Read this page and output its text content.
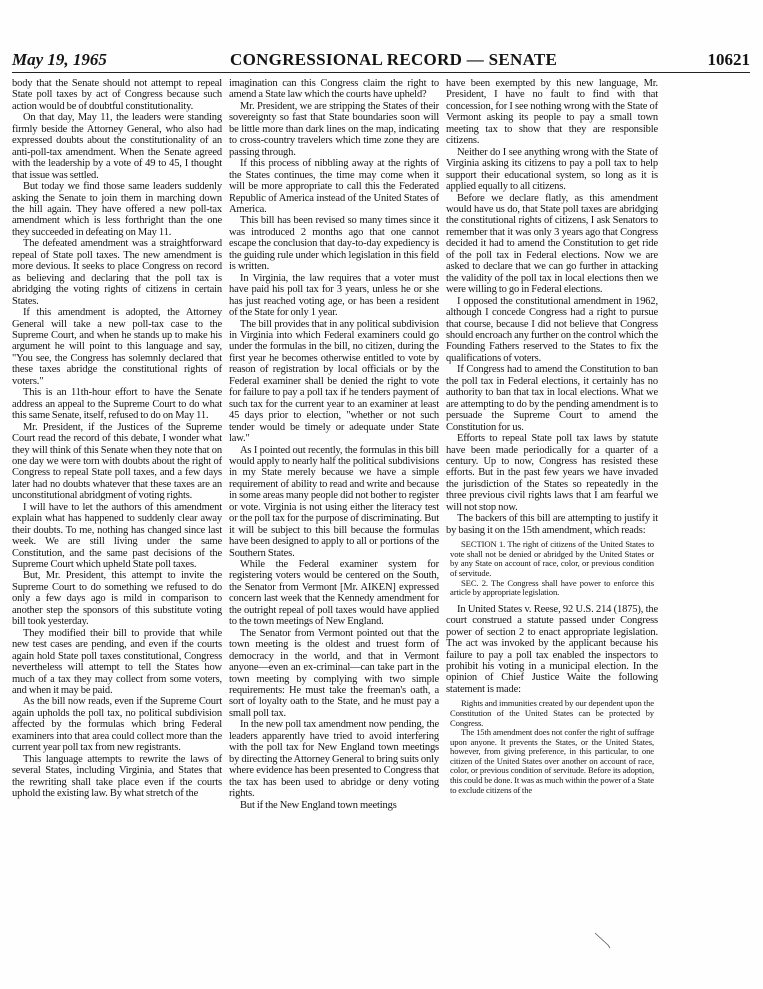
May 19, 1965	CONGRESSIONAL RECORD — SENATE	10621

body that the Senate should not attempt to repeal State poll taxes by act of Congress because such action would be of doubtful constitutionality.

On that day, May 11, the leaders were standing firmly beside the Attorney General, who also had expressed doubts about the constitutionality of an anti-poll-tax amendment. When the Senate agreed with the leadership by a vote of 49 to 45, I thought that issue was settled.

But today we find those same leaders suddenly asking the Senate to join them in marching down the hill again. They have offered a new poll-tax amendment which is less forthright than the one they succeeded in defeating on May 11.

The defeated amendment was a straightforward repeal of State poll taxes. The new amendment is more devious. It seeks to place Congress on record as believing and declaring that the poll tax is abridging the voting rights of citizens in certain States.

If this amendment is adopted, the Attorney General will take a new poll-tax case to the Supreme Court, and when he stands up to make his argument he will point to this language and say, "You see, the Congress has solemnly declared that these taxes abridge the constitutional rights of voters."

This is an 11th-hour effort to have the Senate address an appeal to the Supreme Court to do what this same Senate, itself, refused to do on May 11.

Mr. President, if the Justices of the Supreme Court read the record of this debate, I wonder what they will think of this Senate when they note that on one day we were torn with doubts about the right of Congress to repeal State poll taxes, and a few days later had no doubts whatever that these taxes are an unconstitutional abridgment of voting rights.

I will have to let the authors of this amendment explain what has happened to suddenly clear away their doubts. To me, nothing has changed since last week. We are still living under the same Constitution, and the same past decisions of the Supreme Court which upheld State poll taxes.

But, Mr. President, this attempt to invite the Supreme Court to do something we refused to do only a few days ago is mild in comparison to another step the sponsors of this substitute voting bill took yesterday.

They modified their bill to provide that while new test cases are pending, and even if the courts again hold State poll taxes constitutional, Congress nevertheless will attempt to tell the States how much of a tax they may collect from some voters, and when it may be paid.

As the bill now reads, even if the Supreme Court again upholds the poll tax, no political subdivision affected by the formulas which bring Federal examiners into that area could collect more than the current year poll tax from new registrants.

This language attempts to rewrite the laws of several States, including Virginia, and States that the rewriting shall take place even if the courts uphold the existing law. By what stretch of the

imagination can this Congress claim the right to amend a State law which the courts have upheld?

Mr. President, we are stripping the States of their sovereignty so fast that State boundaries soon will be little more than dark lines on the map, indicating to cross-country travelers which time zone they are passing through.

If this process of nibbling away at the rights of the States continues, the time may come when it will be more appropriate to call this the Federated Republic of America instead of the United States of America.

This bill has been revised so many times since it was introduced 2 months ago that one cannot escape the conclusion that day-to-day expediency is the guiding rule under which legislation in this field is written.

In Virginia, the law requires that a voter must have paid his poll tax for 3 years, unless he or she has just reached voting age, or has been a resident of the State for only 1 year.

The bill provides that in any political subdivision in Virginia into which Federal examiners could go under the formulas in the bill, no citizen, during the first year he becomes otherwise entitled to vote by reason of registration by local officials or by the Federal examiner shall be denied the right to vote for failure to pay a poll tax if he tenders payment of such tax for the current year to an examiner at least 45 days prior to election, "whether or not such tender would be timely or adequate under State law."

As I pointed out recently, the formulas in this bill would apply to nearly half the political subdivisions in my State merely because we have a simple requirement of ability to read and write and because in some areas many people did not bother to register or vote. Virginia is not using either the literacy test or the poll tax for the purpose of discriminating. But it will be subject to this bill because the formulas have been designed to apply to all or portions of the Southern States.

While the Federal examiner system for registering voters would be centered on the South, the Senator from Vermont [Mr. AIKEN] expressed concern last week that the Kennedy amendment for the outright repeal of poll taxes would have applied to the town meetings of New England.

The Senator from Vermont pointed out that the town meeting is the oldest and truest form of democracy in the world, and that in Vermont anyone—even an ex-criminal—can take part in the town meeting by complying with two simple requirements: He must take the freeman's oath, a sort of loyalty oath to the State, and he must pay a small poll tax.

In the new poll tax amendment now pending, the leaders apparently have tried to avoid interfering with the poll tax for New England town meetings by directing the Attorney General to bring suits only where evidence has been presented to Congress that the tax has been used to abridge or deny voting rights.

But if the New England town meetings

have been exempted by this new language, Mr. President, I have no fault to find with that concession, for I see nothing wrong with the State of Vermont asking its people to pay a small town meeting tax to show that they are responsible citizens.

Neither do I see anything wrong with the State of Virginia asking its citizens to pay a poll tax to help support their educational system, so long as it is applied equally to all citizens.

Before we declare flatly, as this amendment would have us do, that State poll taxes are abridging the constitutional rights of citizens, I ask Senators to remember that it was only 3 years ago that Congress decided it had to amend the Constitution to get ride of the poll tax in Federal elections. Now we are asked to declare that we can go further in attacking the validity of the poll tax in local elections then we were willing to go in Federal elections.

I opposed the constitutional amendment in 1962, although I concede Congress had a right to pursue that course, because I did not believe that Congress should encroach any further on the control which the Founding Fathers reserved to the States to fix the qualifications of voters.

If Congress had to amend the Constitution to ban the poll tax in Federal elections, it certainly has no authority to ban that tax in local elections. What we are attempting to do by the pending amendment is to persuade the Supreme Court to amend the Constitution for us.

Efforts to repeal State poll tax laws by statute have been made periodically for a quarter of a century. Up to now, Congress has resisted these efforts. But in the past few years we have invaded the jurisdiction of the States so repeatedly in the three previous civil rights laws that I am fearful we will not stop now.

The backers of this bill are attempting to justify it by basing it on the 15th amendment, which reads:

SECTION 1. The right of citizens of the United States to vote shall not be denied or abridged by the United States or by any State on account of race, color, or previous condition of servitude.

SEC. 2. The Congress shall have power to enforce this article by appropriate legislation.

In United States v. Reese, 92 U.S. 214 (1875), the court construed a statute passed under Congress power of section 2 to enact appropriate legislation. The act was invoked by the applicant because his failure to pay a poll tax enabled the inspectors to prohibit his voting in a municipal election. In the opinion of Chief Justice Waite the following statement is made:

Rights and immunities created by our dependent upon the Constitution of the United States can be protected by Congress.

The 15th amendment does not confer the right of suffrage upon anyone. It prevents the States, or the United States, however, from giving preference, in this particular, to one citizen of the United States over another on account of race, color, or previous condition of servitude. Before its adoption, this could be done. It was as much within the power of a State to exclude citizens of the
